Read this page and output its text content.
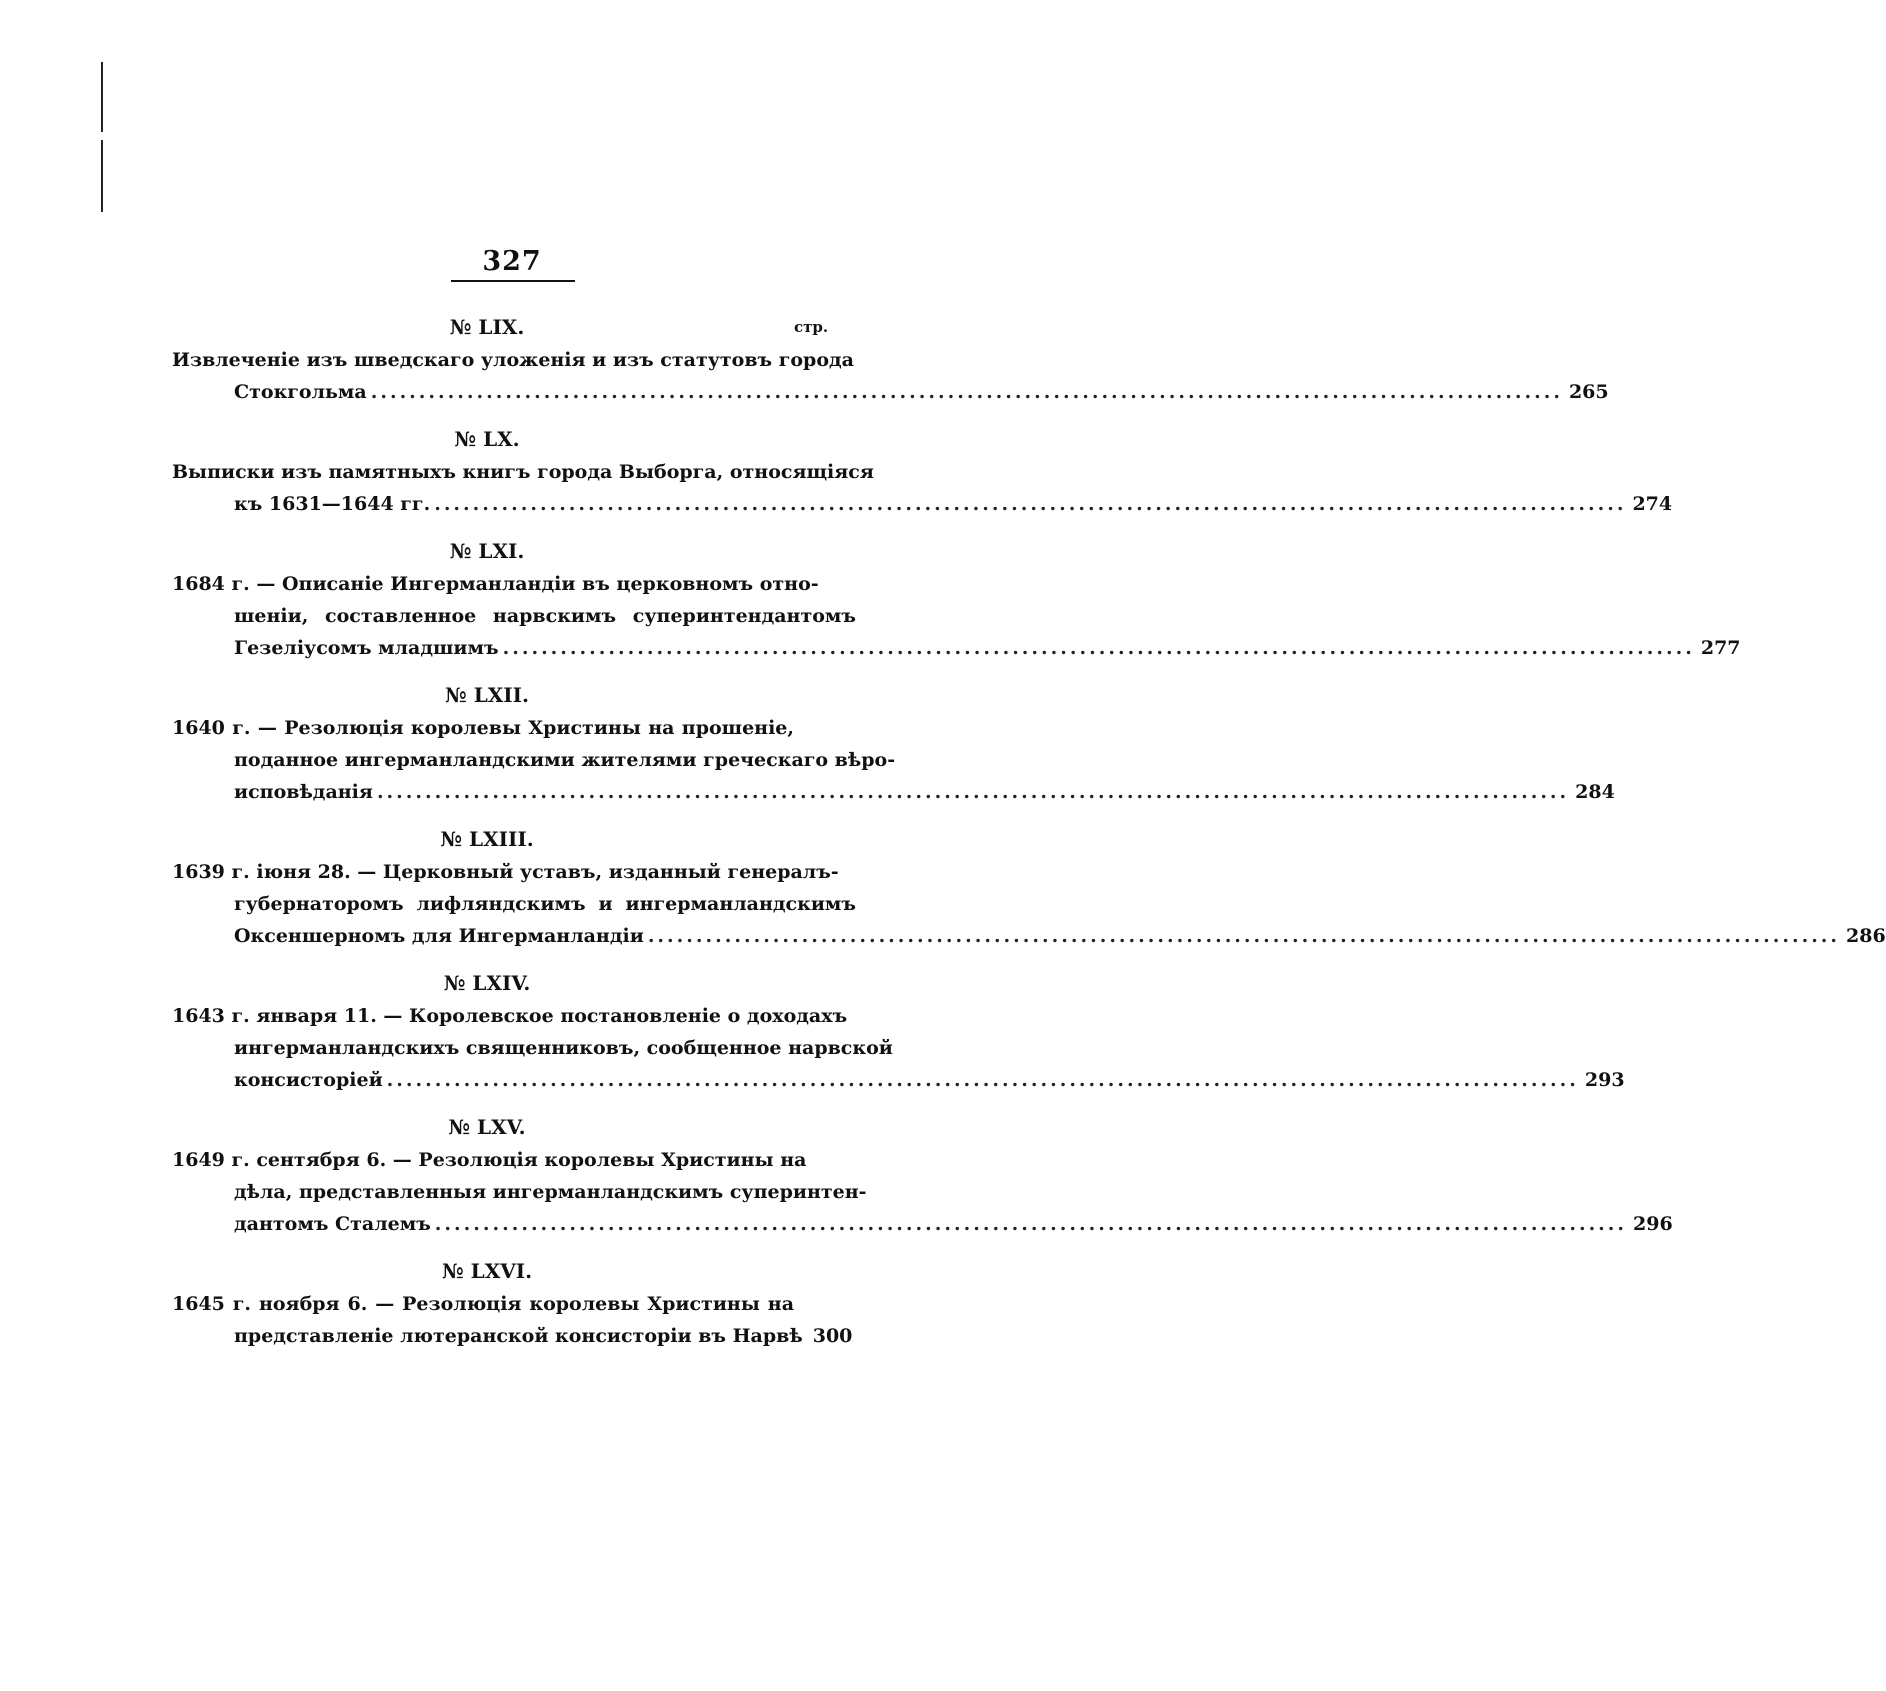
327
стр.
№ LIX.
Извлеченіе изъ шведскаго уложенія и изъ статутовъ города
Стокгольма .....	265
№ LX.
Выписки изъ памятныхъ книгъ города Выборга, относящіяся
къ 1631—1644 гг. .....	274
№ LXI.
1684 г. — Описаніе Ингерманландіи въ церковномъ отно-
шеніи, составленное нарвскимъ суперинтендантомъ
Гезеліусомъ младшимъ .....	277
№ LXII.
1640 г. — Резолюція королевы Христины на прошеніе,
поданное ингерманландскими жителями греческаго вѣро-
исповѣданія .....	284
№ LXIII.
1639 г. іюня 28. — Церковный уставъ, изданный генералъ-
губернаторомъ лифляндскимъ и ингерманландскимъ
Оксеншерномъ для Ингерманландіи .....	286
№ LXIV.
1643 г. января 11. — Королевское постановленіе о доходахъ
ингерманландскихъ священниковъ, сообщенное нарвской
консисторіей .....	293
№ LXV.
1649 г. сентября 6. — Резолюція королевы Христины на
дѣла, представленныя ингерманландскимъ суперинтен-
дантомъ Сталемъ .....	296
№ LXVI.
1645 г. ноября 6. — Резолюція королевы Христины на
представленіе лютеранской консисторіи въ Нарвѣ 300
